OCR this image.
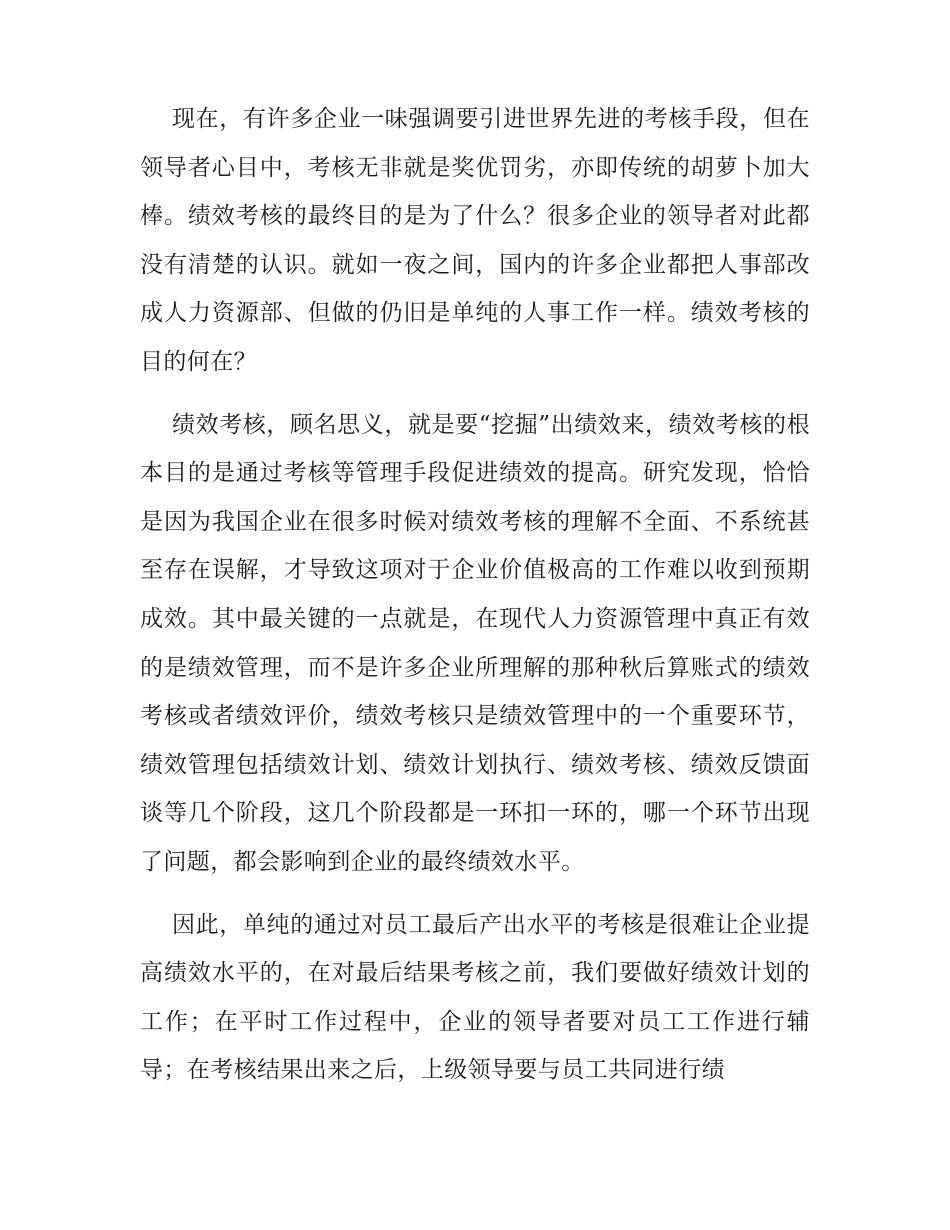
现在，有许多企业一味强调要引进世界先进的考核手段，但在领导者心目中，考核无非就是奖优罚劣，亦即传统的胡萝卜加大棒。绩效考核的最终目的是为了什么？很多企业的领导者对此都没有清楚的认识。就如一夜之间，国内的许多企业都把人事部改成人力资源部、但做的仍旧是单纯的人事工作一样。绩效考核的目的何在？

绩效考核，顾名思义，就是要“挖掘”出绩效来，绩效考核的根本目的是通过考核等管理手段促进绩效的提高。研究发现，恰恰是因为我国企业在很多时候对绩效考核的理解不全面、不系统甚至存在误解，才导致这项对于企业价值极高的工作难以收到预期成效。其中最关键的一点就是，在现代人力资源管理中真正有效的是绩效管理，而不是许多企业所理解的那种秋后算账式的绩效考核或者绩效评价，绩效考核只是绩效管理中的一个重要环节，绩效管理包括绩效计划、绩效计划执行、绩效考核、绩效反馈面谈等几个阶段，这几个阶段都是一环扣一环的，哪一个环节出现了问题，都会影响到企业的最终绩效水平。

因此，单纯的通过对员工最后产出水平的考核是很难让企业提高绩效水平的，在对最后结果考核之前，我们要做好绩效计划的工作；在平时工作过程中，企业的领导者要对员工工作进行辅导；在考核结果出来之后，上级领导要与员工共同进行绩
